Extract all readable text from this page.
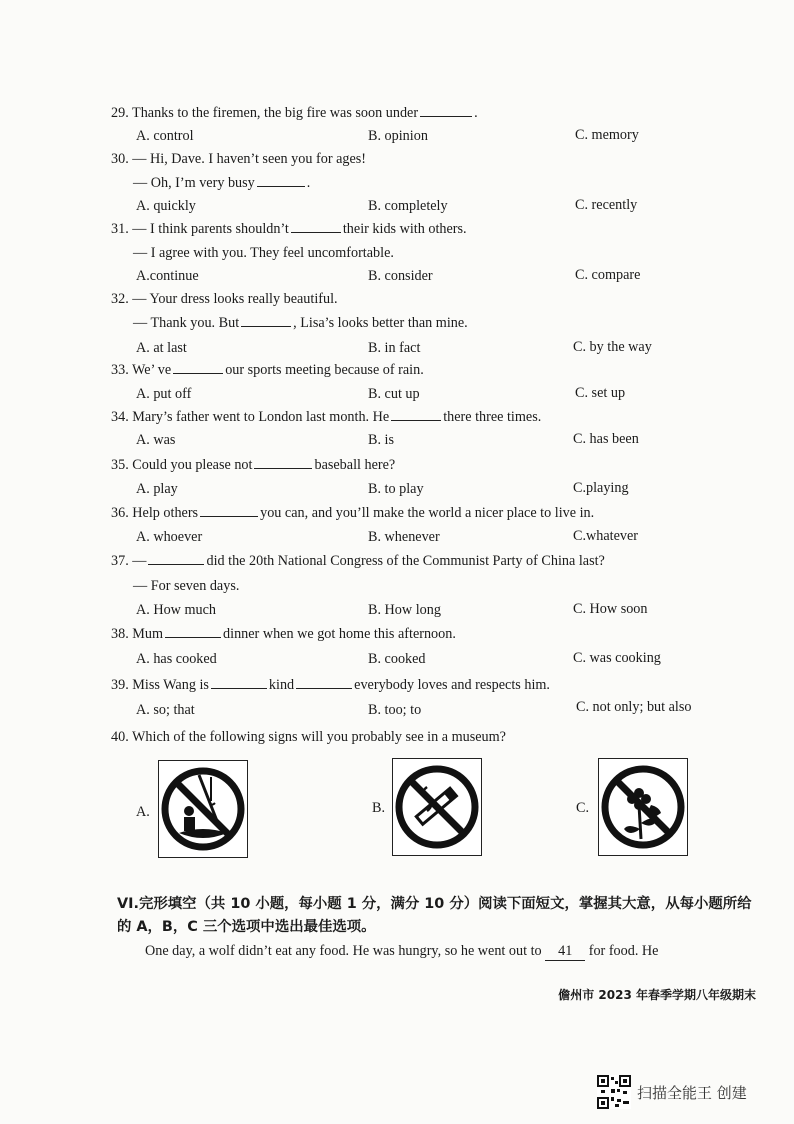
29. Thanks to the firemen, the big fire was soon under	.
A. control	B. opinion	C. memory
30. — Hi, Dave. I haven’t seen you for ages!
— Oh, I’m very busy	.
A. quickly	B. completely	C. recently
31. — I think parents shouldn’t	their kids with others.
— I agree with you. They feel uncomfortable.
A.continue	B. consider	C. compare
32. — Your dress looks really beautiful.
— Thank you. But	, Lisa’s looks better than mine.
A. at last	B. in fact	C. by the way
33. We’ ve	our sports meeting because of rain.
A. put off	B. cut up	C. set up
34. Mary’s father went to London last month. He	there three times.
A. was	B. is	C. has been
35. Could you please not	baseball here?
A. play	B. to play	C.playing
36. Help others	you can, and you’ll make the world a nicer place to live in.
A. whoever	B. whenever	C.whatever
37. —	did the 20th National Congress of the Communist Party of China last?
— For seven days.
A. How much	B. How long	C. How soon
38. Mum	dinner when we got home this afternoon.
A. has cooked	B. cooked	C. was cooking
39. Miss Wang is	kind	everybody loves and respects him.
A. so; that	B. too; to	C. not only; but also
40. Which of the following signs will you probably see in a museum?
A.	B.	C.
VI.完形填空（共 10 小题，每小题 1 分，满分 10 分）阅读下面短文，掌握其大意，从每小题所给的 A，B，C 三个选项中选出最佳选项。
One day, a wolf didn’t eat any food. He was hungry, so he went out to 41 for food. He
儋州市 2023 年春季学期八年级期末
扫描全能王 创建
